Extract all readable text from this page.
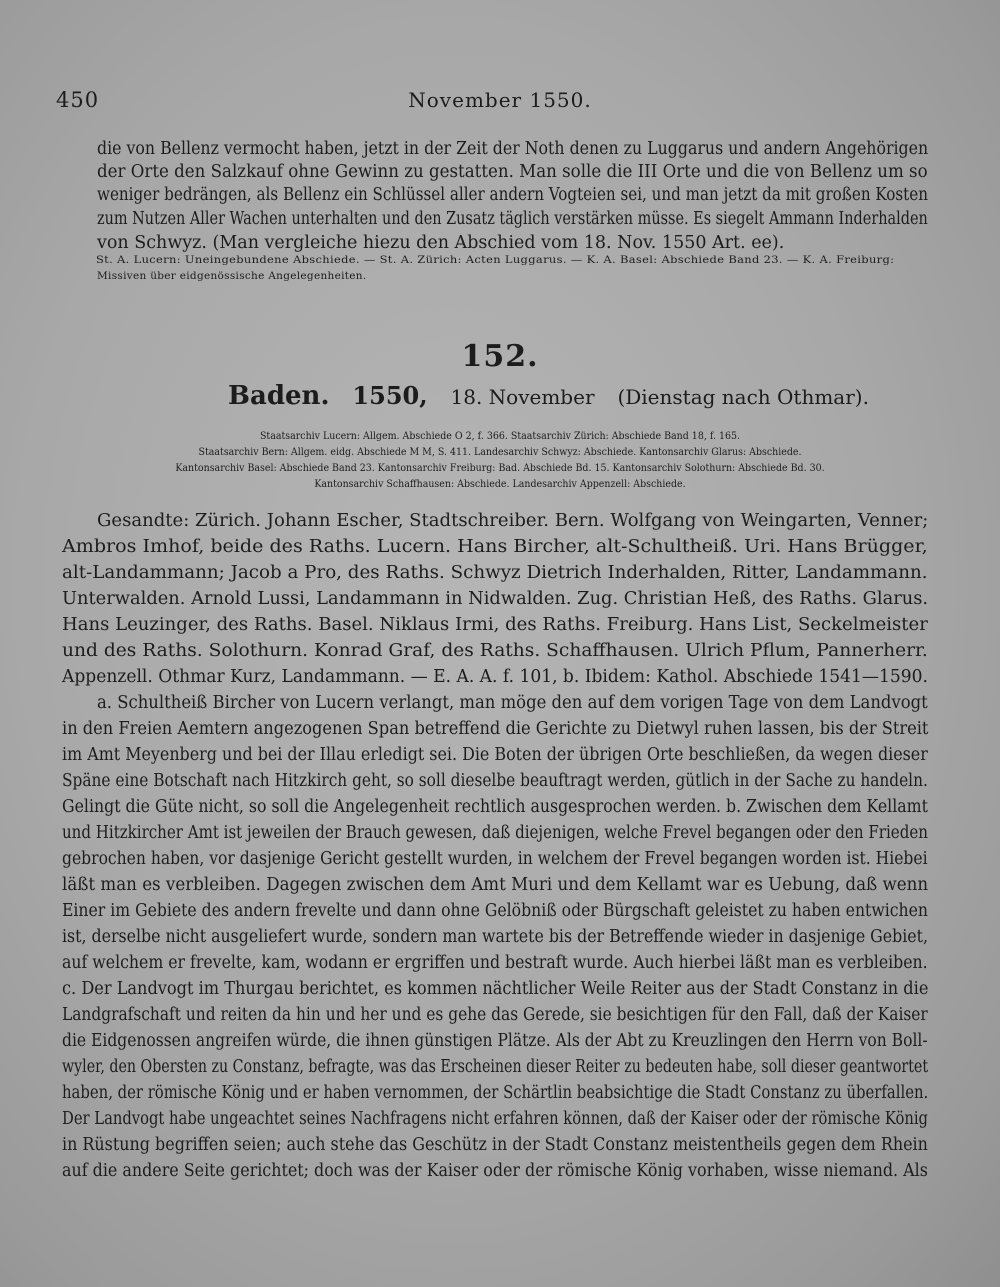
450	November 1550.
die von Bellenz vermocht haben, jetzt in der Zeit der Noth denen zu Luggarus und andern Angehörigen
der Orte den Salzkauf ohne Gewinn zu gestatten. Man solle die III Orte und die von Bellenz um so
weniger bedrängen, als Bellenz ein Schlüssel aller andern Vogteien sei, und man jetzt da mit großen Kosten
zum Nutzen Aller Wachen unterhalten und den Zusatz täglich verstärken müsse. Es siegelt Ammann Inderhalden
von Schwyz. (Man vergleiche hiezu den Abschied vom 18. Nov. 1550 Art. ee).
St. A. Lucern: Uneingebundene Abschiede. — St. A. Zürich: Acten Luggarus. — K. A. Basel: Abschiede Band 23. — K. A. Freiburg:
Missiven über eidgenössische Angelegenheiten.
152.
Baden. 1550, 18. November (Dienstag nach Othmar).
Staatsarchiv Lucern: Allgem. Abschiede O 2, f. 366. Staatsarchiv Zürich: Abschiede Band 18, f. 165.
Staatsarchiv Bern: Allgem. eidg. Abschiede M M, S. 411. Landesarchiv Schwyz: Abschiede. Kantonsarchiv Glarus: Abschiede.
Kantonsarchiv Basel: Abschiede Band 23. Kantonsarchiv Freiburg: Bad. Abschiede Bd. 15. Kantonsarchiv Solothurn: Abschiede Bd. 30.
Kantonsarchiv Schaffhausen: Abschiede. Landesarchiv Appenzell: Abschiede.
Gesandte: Zürich. Johann Escher, Stadtschreiber. Bern. Wolfgang von Weingarten, Venner;
Ambros Imhof, beide des Raths. Lucern. Hans Bircher, alt-Schultheiß. Uri. Hans Brügger,
alt-Landammann; Jacob a Pro, des Raths. Schwyz Dietrich Inderhalden, Ritter, Landammann.
Unterwalden. Arnold Lussi, Landammann in Nidwalden. Zug. Christian Heß, des Raths. Glarus.
Hans Leuzinger, des Raths. Basel. Niklaus Irmi, des Raths. Freiburg. Hans List, Seckelmeister
und des Raths. Solothurn. Konrad Graf, des Raths. Schaffhausen. Ulrich Pflum, Pannerherr.
Appenzell. Othmar Kurz, Landammann. — E. A. A. f. 101, b. Ibidem: Kathol. Abschiede 1541—1590.
a. Schultheiß Bircher von Lucern verlangt, man möge den auf dem vorigen Tage von dem Landvogt
in den Freien Aemtern angezogenen Span betreffend die Gerichte zu Dietwyl ruhen lassen, bis der Streit
im Amt Meyenberg und bei der Illau erledigt sei. Die Boten der übrigen Orte beschließen, da wegen dieser
Späne eine Botschaft nach Hitzkirch geht, so soll dieselbe beauftragt werden, gütlich in der Sache zu handeln.
Gelingt die Güte nicht, so soll die Angelegenheit rechtlich ausgesprochen werden. b. Zwischen dem Kellamt
und Hitzkircher Amt ist jeweilen der Brauch gewesen, daß diejenigen, welche Frevel begangen oder den Frieden
gebrochen haben, vor dasjenige Gericht gestellt wurden, in welchem der Frevel begangen worden ist. Hiebei
läßt man es verbleiben. Dagegen zwischen dem Amt Muri und dem Kellamt war es Uebung, daß wenn
Einer im Gebiete des andern frevelte und dann ohne Gelöbniß oder Bürgschaft geleistet zu haben entwichen
ist, derselbe nicht ausgeliefert wurde, sondern man wartete bis der Betreffende wieder in dasjenige Gebiet,
auf welchem er frevelte, kam, wodann er ergriffen und bestraft wurde. Auch hierbei läßt man es verbleiben.
c. Der Landvogt im Thurgau berichtet, es kommen nächtlicher Weile Reiter aus der Stadt Constanz in die
Landgrafschaft und reiten da hin und her und es gehe das Gerede, sie besichtigen für den Fall, daß der Kaiser
die Eidgenossen angreifen würde, die ihnen günstigen Plätze. Als der Abt zu Kreuzlingen den Herrn von Boll-
wyler, den Obersten zu Constanz, befragte, was das Erscheinen dieser Reiter zu bedeuten habe, soll dieser geantwortet
haben, der römische König und er haben vernommen, der Schärtlin beabsichtige die Stadt Constanz zu überfallen.
Der Landvogt habe ungeachtet seines Nachfragens nicht erfahren können, daß der Kaiser oder der römische König
in Rüstung begriffen seien; auch stehe das Geschütz in der Stadt Constanz meistentheils gegen dem Rhein
auf die andere Seite gerichtet; doch was der Kaiser oder der römische König vorhaben, wisse niemand. Als
